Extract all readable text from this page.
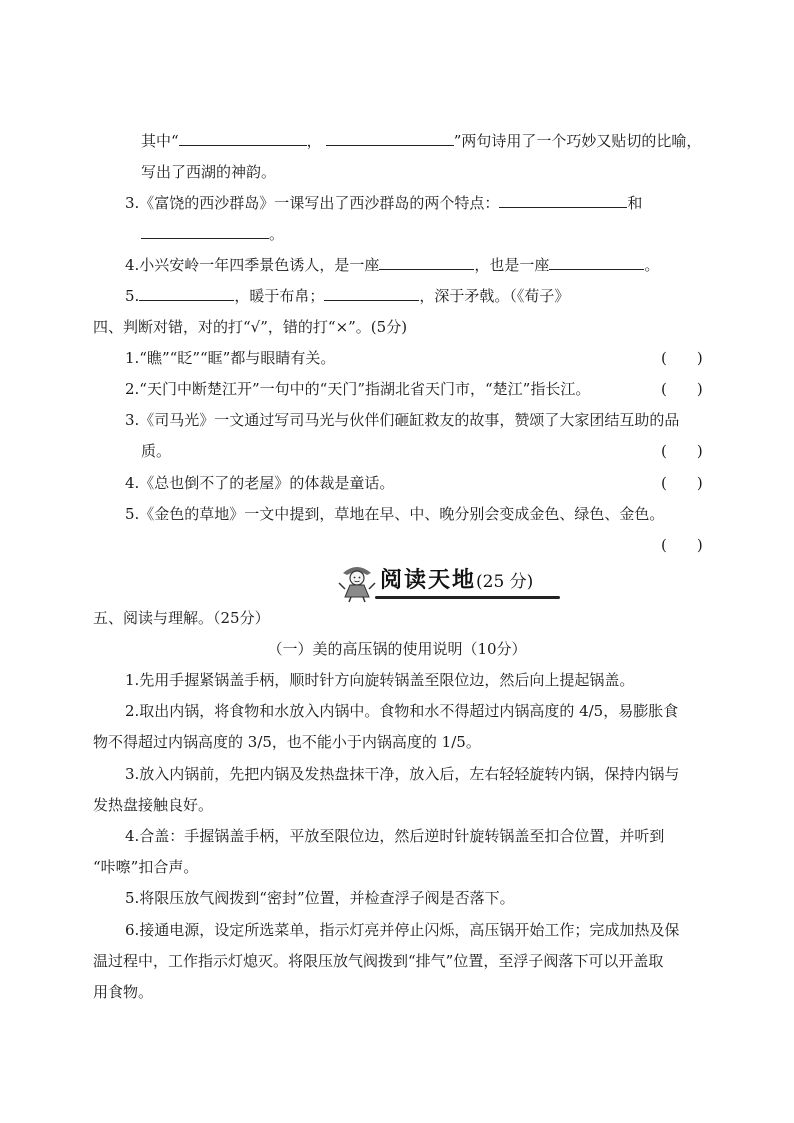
其中“	，	”两句诗用了一个巧妙又贴切的比喻，
写出了西湖的神韵。
3.《富饶的西沙群岛》一课写出了西沙群岛的两个特点：	和
。
4.小兴安岭一年四季景色诱人，是一座	，也是一座	。
5.	，暖于布帛；	，深于矛戟。（《荀子》
四、判断对错，对的打“√”，错的打“×”。(5分)
1.“瞧”“眨”“眶”都与眼睛有关。	(　　)
2.“天门中断楚江开”一句中的“天门”指湖北省天门市，“楚江”指长江。	(　　)
3.《司马光》一文通过写司马光与伙伴们砸缸救友的故事，赞颂了大家团结互助的品
质。	(　　)
4.《总也倒不了的老屋》的体裁是童话。	(　　)
5.《金色的草地》一文中提到，草地在早、中、晚分别会变成金色、绿色、金色。
(　　)
阅读天地(25 分)
五、阅读与理解。（25分）
（一）美的高压锅的使用说明（10分）
1.先用手握紧锅盖手柄，顺时针方向旋转锅盖至限位边，然后向上提起锅盖。
2.取出内锅，将食物和水放入内锅中。食物和水不得超过内锅高度的 4/5，易膨胀食
物不得超过内锅高度的 3/5，也不能小于内锅高度的 1/5。
3.放入内锅前，先把内锅及发热盘抹干净，放入后，左右轻轻旋转内锅，保持内锅与
发热盘接触良好。
4.合盖：手握锅盖手柄，平放至限位边，然后逆时针旋转锅盖至扣合位置，并听到
“咔嚓”扣合声。
5.将限压放气阀拨到“密封”位置，并检查浮子阀是否落下。
6.接通电源，设定所选菜单，指示灯亮并停止闪烁，高压锅开始工作；完成加热及保
温过程中，工作指示灯熄灭。将限压放气阀拨到“排气”位置，至浮子阀落下可以开盖取
用食物。
